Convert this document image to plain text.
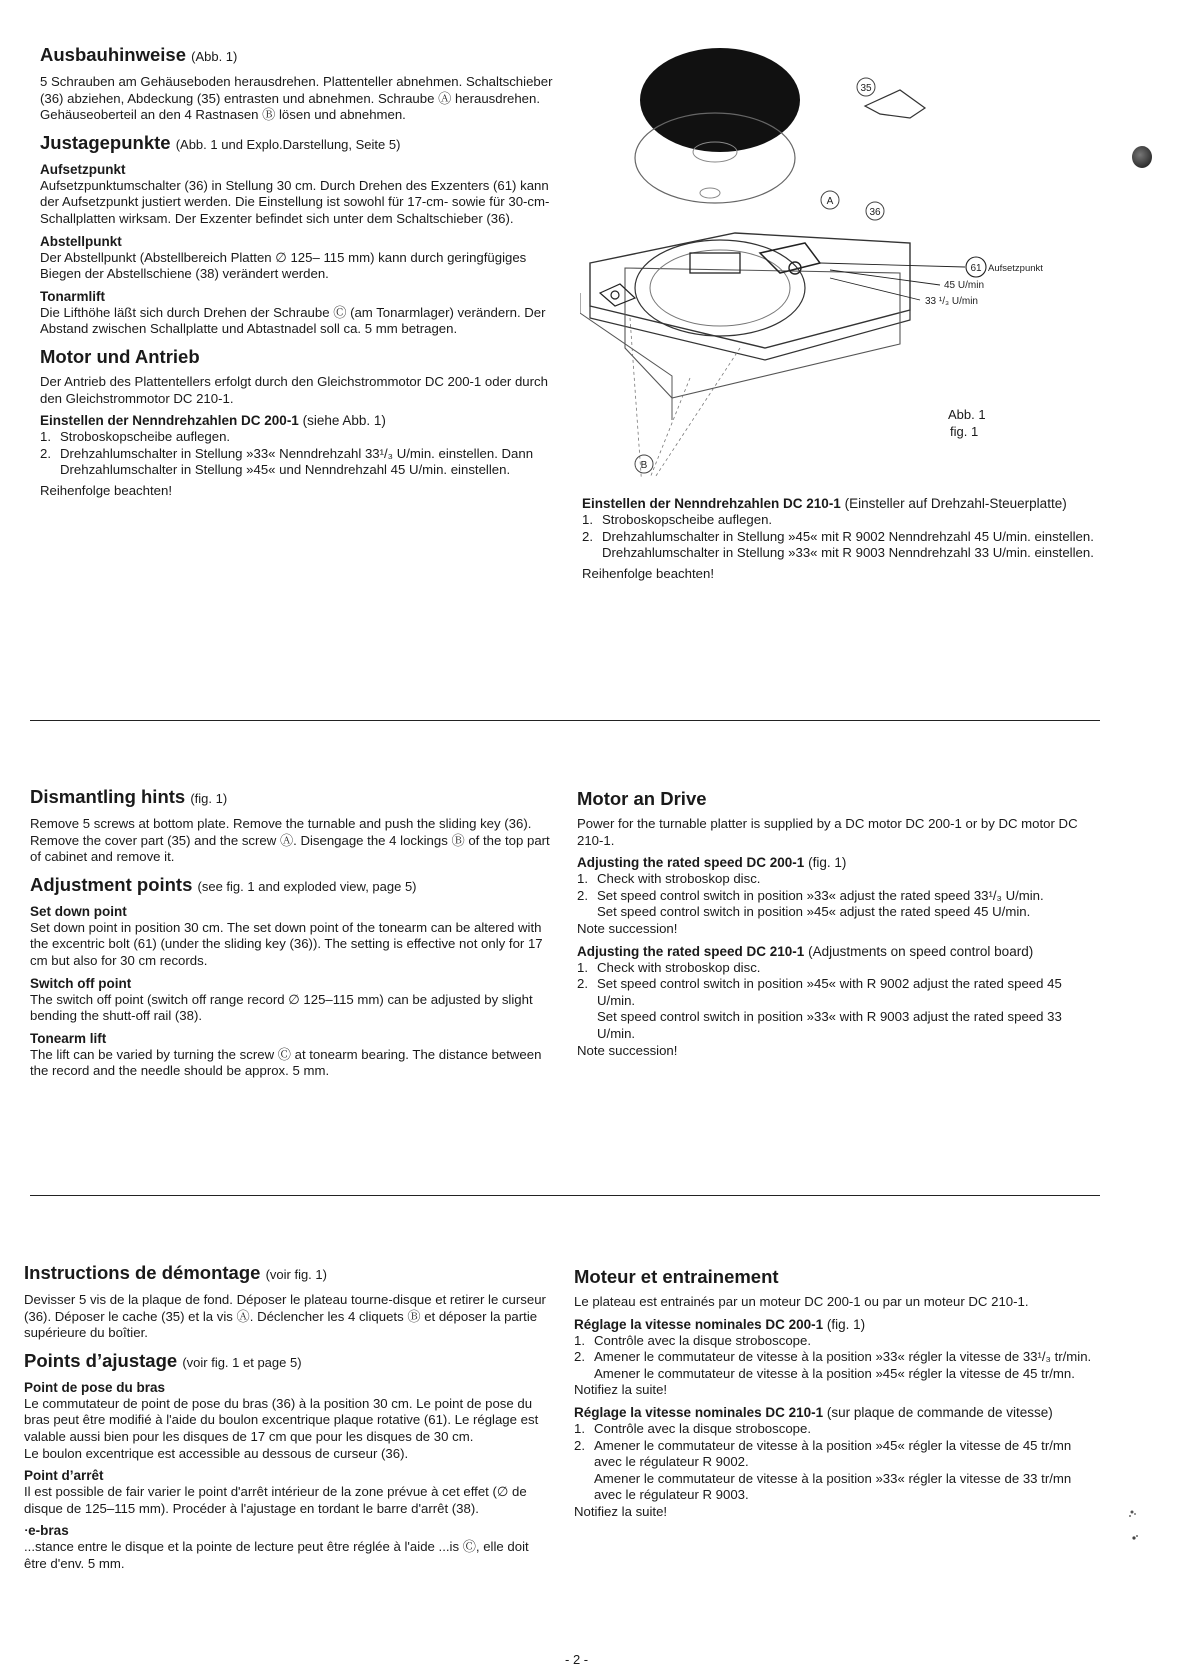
Ausbauhinweise (Abb. 1)

5 Schrauben am Gehäuseboden herausdrehen. Plattenteller abnehmen. Schaltschieber (36) abziehen, Abdeckung (35) entrasten und abnehmen. Schraube Ⓐ herausdrehen. Gehäuseoberteil an den 4 Rastnasen Ⓑ lösen und abnehmen.

Justagepunkte (Abb. 1 und Explo.Darstellung, Seite 5)
Aufsetzpunkt

Aufsetzpunktumschalter (36) in Stellung 30 cm. Durch Drehen des Exzenters (61) kann der Aufsetzpunkt justiert werden. Die Einstellung ist sowohl für 17-cm- sowie für 30-cm-Schallplatten wirksam. Der Exzenter befindet sich unter dem Schaltschieber (36).

Abstellpunkt

Der Abstellpunkt (Abstellbereich Platten ∅ 125– 115 mm) kann durch geringfügiges Biegen der Abstellschiene (38) verändert werden.

Tonarmlift

Die Lifthöhe läßt sich durch Drehen der Schraube Ⓒ (am Tonarmlager) verändern. Der Abstand zwischen Schallplatte und Abtastnadel soll ca. 5 mm betragen.

Motor und Antrieb

Der Antrieb des Plattentellers erfolgt durch den Gleichstrommotor DC 200-1 oder durch den Gleichstrommotor DC 210-1.

Einstellen der Nenndrehzahlen DC 200-1 (siehe Abb. 1)
1. Stroboskopscheibe auflegen.
2. Drehzahlumschalter in Stellung »33« Nenndrehzahl 33¹/₃ U/min. einstellen. Dann Drehzahlumschalter in Stellung »45« und Nenndrehzahl 45 U/min. einstellen.

Reihenfolge beachten!

35
A
36
61 Aufsetzpunkt
45 U/min
33 ¹/₃ U/min
B
Abb. 1
fig. 1
Einstellen der Nenndrehzahlen DC 210-1 (Einsteller auf Drehzahl-Steuerplatte)
1. Stroboskopscheibe auflegen.
2. Drehzahlumschalter in Stellung »45« mit R 9002 Nenndrehzahl 45 U/min. einstellen.

Drehzahlumschalter in Stellung »33« mit R 9003 Nenndrehzahl 33 U/min. einstellen.

Reihenfolge beachten!

Dismantling hints (fig. 1)

Remove 5 screws at bottom plate. Remove the turnable and push the sliding key (36). Remove the cover part (35) and the screw Ⓐ. Disengage the 4 lockings Ⓑ of the top part of cabinet and remove it.

Adjustment points (see fig. 1 and exploded view, page 5)
Set down point

Set down point in position 30 cm. The set down point of the tonearm can be altered with the excentric bolt (61) (under the sliding key (36)). The setting is effective not only for 17 cm but also for 30 cm records.

Switch off point

The switch off point (switch off range record ∅ 125–115 mm) can be adjusted by slight bending the shutt-off rail (38).

Tonearm lift

The lift can be varied by turning the screw Ⓒ at tonearm bearing. The distance between the record and the needle should be approx. 5 mm.

Motor an Drive

Power for the turnable platter is supplied by a DC motor DC 200-1 or by DC motor DC 210-1.

Adjusting the rated speed DC 200-1 (fig. 1)
1. Check with stroboskop disc.
2. Set speed control switch in position »33« adjust the rated speed 33¹/₃ U/min.

Set speed control switch in position »45« adjust the rated speed 45 U/min.

Note succession!

Adjusting the rated speed DC 210-1 (Adjustments on speed control board)
1. Check with stroboskop disc.
2. Set speed control switch in position »45« with R 9002 adjust the rated speed 45 U/min.

Set speed control switch in position »33« with R 9003 adjust the rated speed 33 U/min.

Note succession!

Instructions de démontage (voir fig. 1)

Devisser 5 vis de la plaque de fond. Déposer le plateau tourne-disque et retirer le curseur (36). Déposer le cache (35) et la vis Ⓐ. Déclencher les 4 cliquets Ⓑ et déposer la partie supérieure du boîtier.

Points d’ajustage (voir fig. 1 et page 5)
Point de pose du bras

Le commutateur de point de pose du bras (36) à la position 30 cm. Le point de pose du bras peut être modifié à l'aide du boulon excentrique plaque rotative (61). Le réglage est valable aussi bien pour les disques de 17 cm que pour les disques de 30 cm.

Le boulon excentrique est accessible au dessous de curseur (36).

Point d’arrêt

Il est possible de fair varier le point d'arrêt intérieur de la zone prévue à cet effet (∅ de disque de 125–115 mm). Procéder à l'ajustage en tordant le barre d'arrêt (38).

ᐧe-bras

...stance entre le disque et la pointe de lecture peut être réglée à l'aide ...is Ⓒ, elle doit être d'env. 5 mm.

Moteur et entrainement

Le plateau est entrainés par un moteur DC 200-1 ou par un moteur DC 210-1.

Réglage la vitesse nominales DC 200-1 (fig. 1)
1. Contrôle avec la disque stroboscope.
2. Amener le commutateur de vitesse à la position »33« régler la vitesse de 33¹/₃ tr/min.

Amener le commutateur de vitesse à la position »45« régler la vitesse de 45 tr/mn.

Notifiez la suite!

Réglage la vitesse nominales DC 210-1 (sur plaque de commande de vitesse)
1. Contrôle avec la disque stroboscope.
2. Amener le commutateur de vitesse à la position »45« régler la vitesse de 45 tr/mn avec le régulateur R 9002.

Amener le commutateur de vitesse à la position »33« régler la vitesse de 33 tr/mn avec le régulateur R 9003.

Notifiez la suite!

- 2 -
